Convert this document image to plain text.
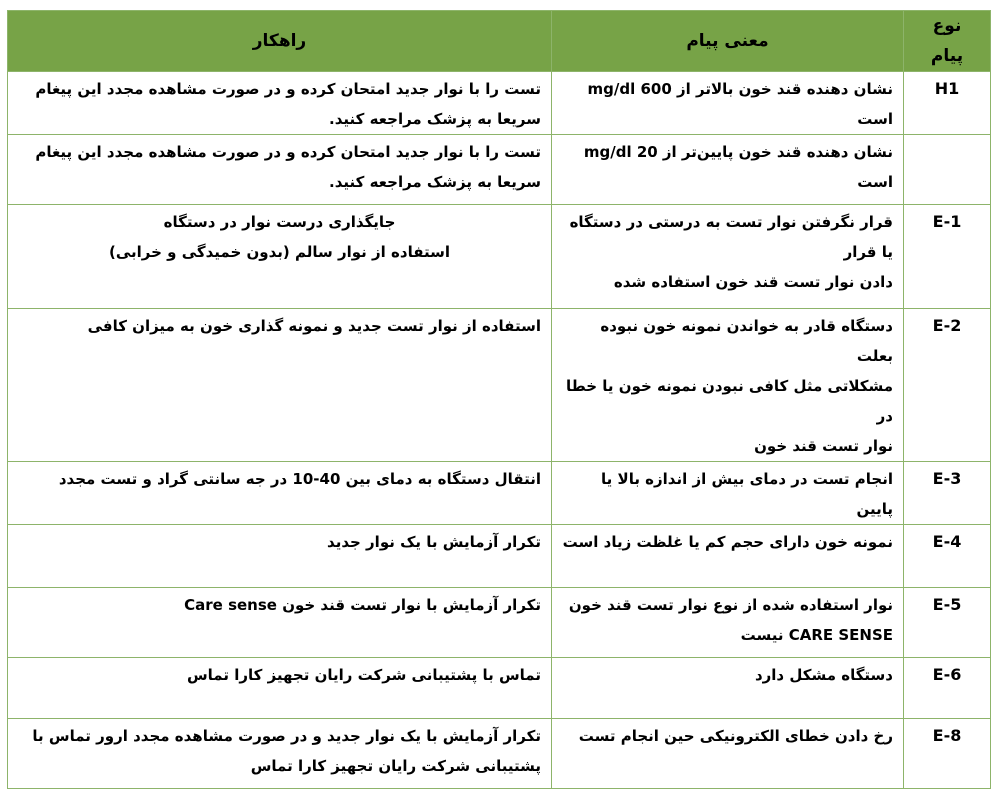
نوع پیام	معنی پیام	راهکار
H1	نشان دهنده قند خون بالاتر از 600 mg/dl است	تست را با نوار جدید امتحان کرده و در صورت مشاهده مجدد این پیغام
سریعا به پزشک مراجعه کنید.

	نشان دهنده قند خون پایین‌تر از 20 mg/dl است	تست را با نوار جدید امتحان کرده و در صورت مشاهده مجدد این پیغام
سریعا به پزشک مراجعه کنید.

E-1	قرار نگرفتن نوار تست به درستی در دستگاه یا قرار
دادن نوار تست قند خون استفاده شده	جایگذاری درست نوار در دستگاه
استفاده از نوار سالم (بدون خمیدگی و خرابی)

E-2	دستگاه قادر به خواندن نمونه خون نبوده بعلت
مشکلاتی مثل کافی نبودن نمونه خون یا خطا در
نوار تست قند خون	استفاده از نوار تست جدید و نمونه گذاری خون به میزان کافی

E-3	انجام تست در دمای بیش از اندازه بالا یا پایین	انتقال دستگاه به دمای بین 40-10 در جه سانتی گراد و تست مجدد

E-4	نمونه خون دارای حجم کم یا غلظت زیاد است	تکرار آزمایش با یک نوار جدید

E-5	نوار استفاده شده از نوع نوار تست قند خون
CARE SENSE نیست	تکرار آزمایش با نوار تست قند خون Care sense

E-6	دستگاه مشکل دارد	تماس با پشتیبانی شرکت رایان تجهیز کارا تماس

E-8	رخ دادن خطای الکترونیکی حین انجام تست	تکرار آزمایش با یک نوار جدید و در صورت مشاهده مجدد ارور تماس با
پشتیبانی شرکت رایان تجهیز کارا تماس
